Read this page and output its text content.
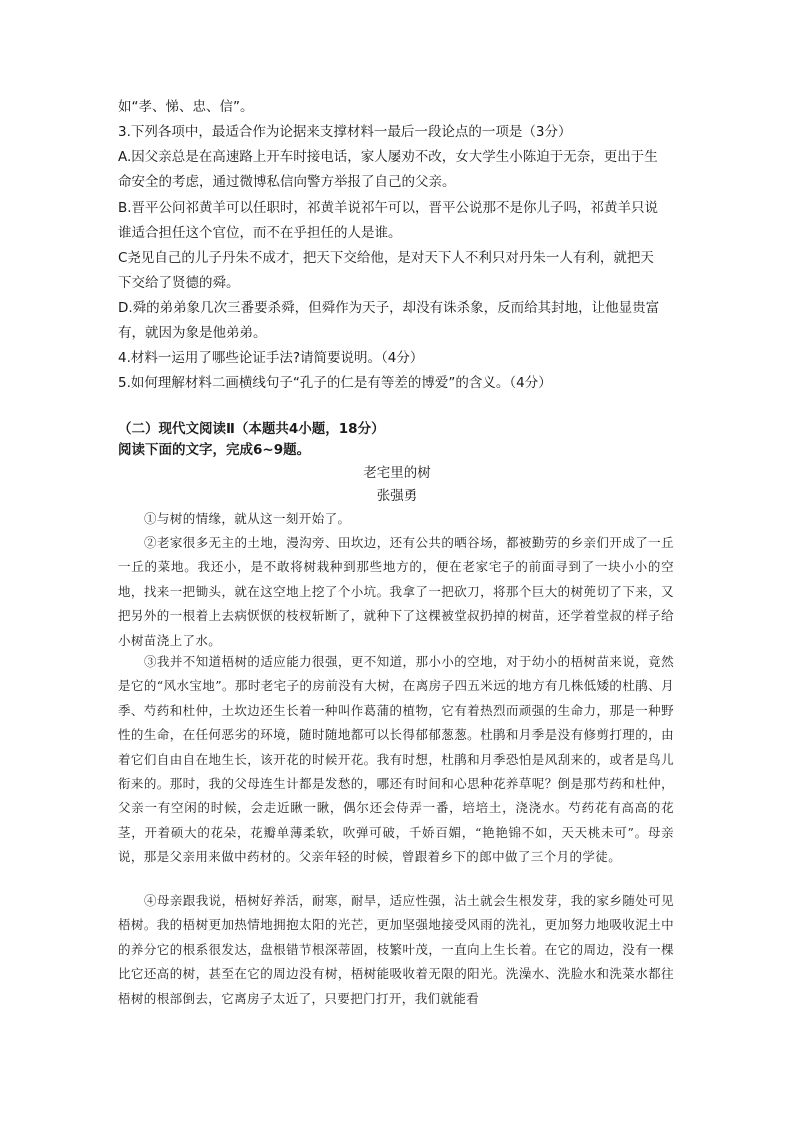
如“孝、悌、忠、信”。
3.下列各项中，最适合作为论据来支撑材料一最后一段论点的一项是（3分）
A.因父亲总是在高速路上开车时接电话，家人屡劝不改，女大学生小陈迫于无奈，更出于生
命安全的考虑，通过微博私信向警方举报了自己的父亲。
B.晋平公问祁黄羊可以任职时，祁黄羊说祁午可以，晋平公说那不是你儿子吗，祁黄羊只说
谁适合担任这个官位，而不在乎担任的人是谁。
C尧见自己的儿子丹朱不成才，把天下交给他，是对天下人不利只对丹朱一人有利，就把天
下交给了贤德的舜。
D.舜的弟弟象几次三番要杀舜，但舜作为天子，却没有诛杀象，反而给其封地，让他显贵富
有，就因为象是他弟弟。
4.材料一运用了哪些论证手法?请简要说明。（4分）
5.如何理解材料二画横线句子“孔子的仁是有等差的博爱”的含义。（4分）
（二）现代文阅读Ⅱ（本题共4小题，18分）
阅读下面的文字，完成6~9题。
老宅里的树
张强勇

①与树的情缘，就从这一刻开始了。

②老家很多无主的土地，漫沟旁、田坎边，还有公共的晒谷场，都被勤劳的乡亲们开成了一丘一丘的菜地。我还小，是不敢将树栽种到那些地方的，便在老家宅子的前面寻到了一块小小的空地，找来一把锄头，就在这空地上挖了个小坑。我拿了一把砍刀，将那个巨大的树蔸切了下来，又把另外的一根着上去病恹恹的枝杈斩断了，就种下了这棵被堂叔扔掉的树苗，还学着堂叔的样子给小树苗浇上了水。

③我并不知道梧树的适应能力很强，更不知道，那小小的空地，对于幼小的梧树苗来说，竟然是它的“风水宝地”。那时老宅子的房前没有大树，在离房子四五米远的地方有几株低矮的杜鹃、月季、芍药和杜仲，土坎边还生长着一种叫作葛蒲的植物，它有着热烈而顽强的生命力，那是一种野性的生命，在任何恶劣的环境，随时随地都可以长得郁郁葱葱。杜鹃和月季是没有修剪打理的，由着它们自由自在地生长，该开花的时候开花。我有时想，杜鹃和月季恐怕是风刮来的，或者是鸟儿衔来的。那时，我的父母连生计都是发愁的，哪还有时间和心思种花养草呢？倒是那芍药和杜仲，父亲一有空闲的时候，会走近瞅一瞅，偶尔还会侍弄一番，培培土，浇浇水。芍药花有高高的花茎，开着硕大的花朵，花瓣单薄柔软，吹弹可破，千娇百媚，“艳艳锦不如，天天桃未可”。母亲说，那是父亲用来做中药材的。父亲年轻的时候，曾跟着乡下的郎中做了三个月的学徒。

④母亲跟我说，梧树好养活，耐寒，耐旱，适应性强，沾土就会生根发芽，我的家乡随处可见梧树。我的梧树更加热情地拥抱太阳的光芒，更加坚强地接受风雨的洗礼，更加努力地吸收泥土中的养分它的根系很发达，盘根错节根深蒂固，枝繁叶茂，一直向上生长着。在它的周边，没有一棵比它还高的树，甚至在它的周边没有树，梧树能吸收着无限的阳光。洗澡水、洗脸水和洗菜水都往梧树的根部倒去，它离房子太近了，只要把门打开，我们就能看
